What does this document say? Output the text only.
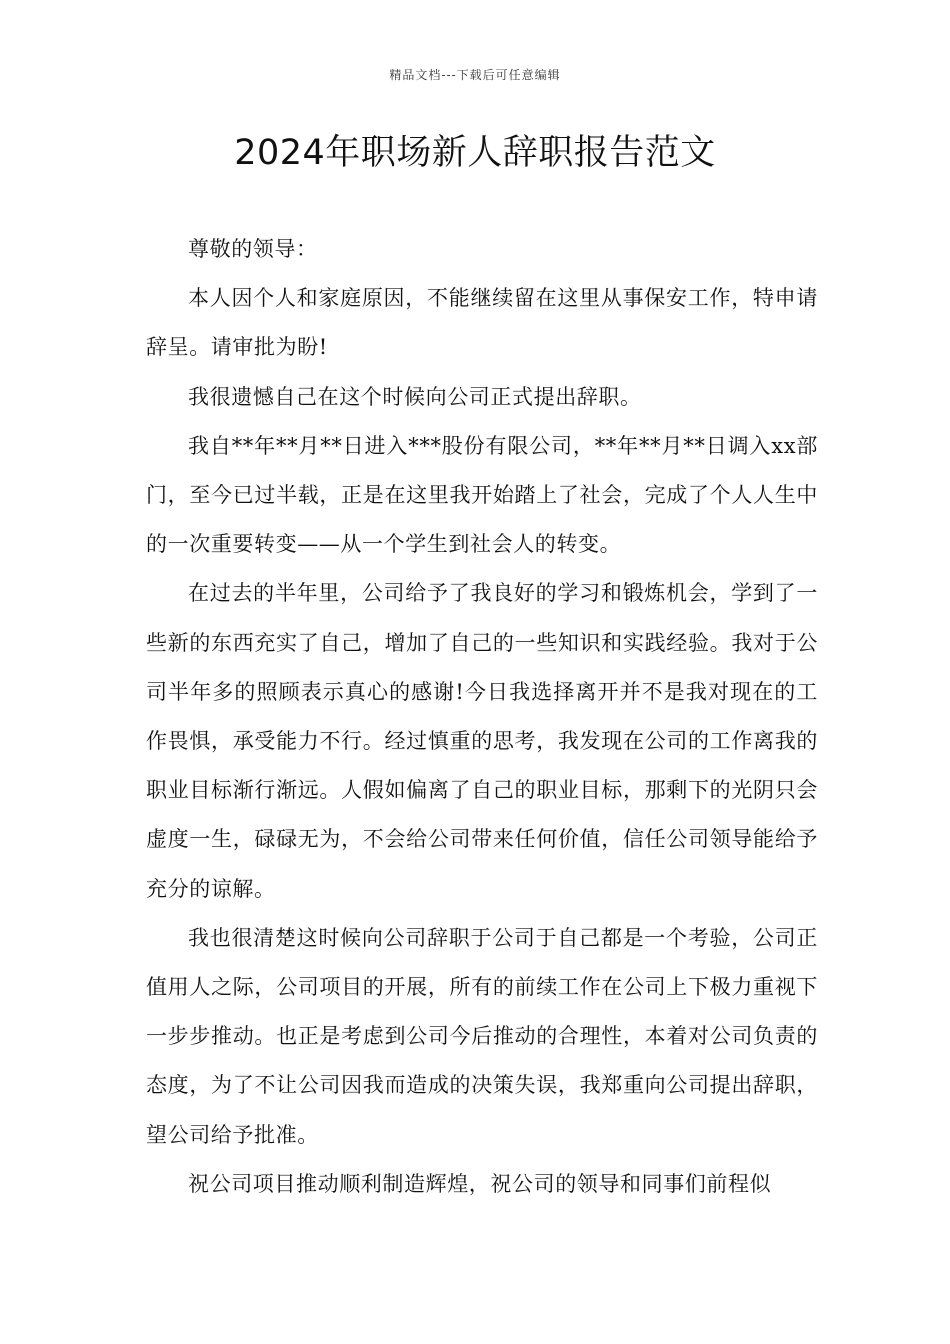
精品文档---下载后可任意编辑
2024年职场新人辞职报告范文

尊敬的领导：

本人因个人和家庭原因，不能继续留在这里从事保安工作，特申请辞呈。请审批为盼!

我很遗憾自己在这个时候向公司正式提出辞职。

我自**年**月**日进入***股份有限公司，**年**月**日调入xx部门，至今已过半载，正是在这里我开始踏上了社会，完成了个人人生中的一次重要转变——从一个学生到社会人的转变。

在过去的半年里，公司给予了我良好的学习和锻炼机会，学到了一些新的东西充实了自己，增加了自己的一些知识和实践经验。我对于公司半年多的照顾表示真心的感谢!今日我选择离开并不是我对现在的工作畏惧，承受能力不行。经过慎重的思考，我发现在公司的工作离我的职业目标渐行渐远。人假如偏离了自己的职业目标，那剩下的光阴只会虚度一生，碌碌无为，不会给公司带来任何价值，信任公司领导能给予充分的谅解。

我也很清楚这时候向公司辞职于公司于自己都是一个考验，公司正值用人之际，公司项目的开展，所有的前续工作在公司上下极力重视下一步步推动。也正是考虑到公司今后推动的合理性，本着对公司负责的态度，为了不让公司因我而造成的决策失误，我郑重向公司提出辞职，望公司给予批准。

祝公司项目推动顺利制造辉煌，祝公司的领导和同事们前程似
